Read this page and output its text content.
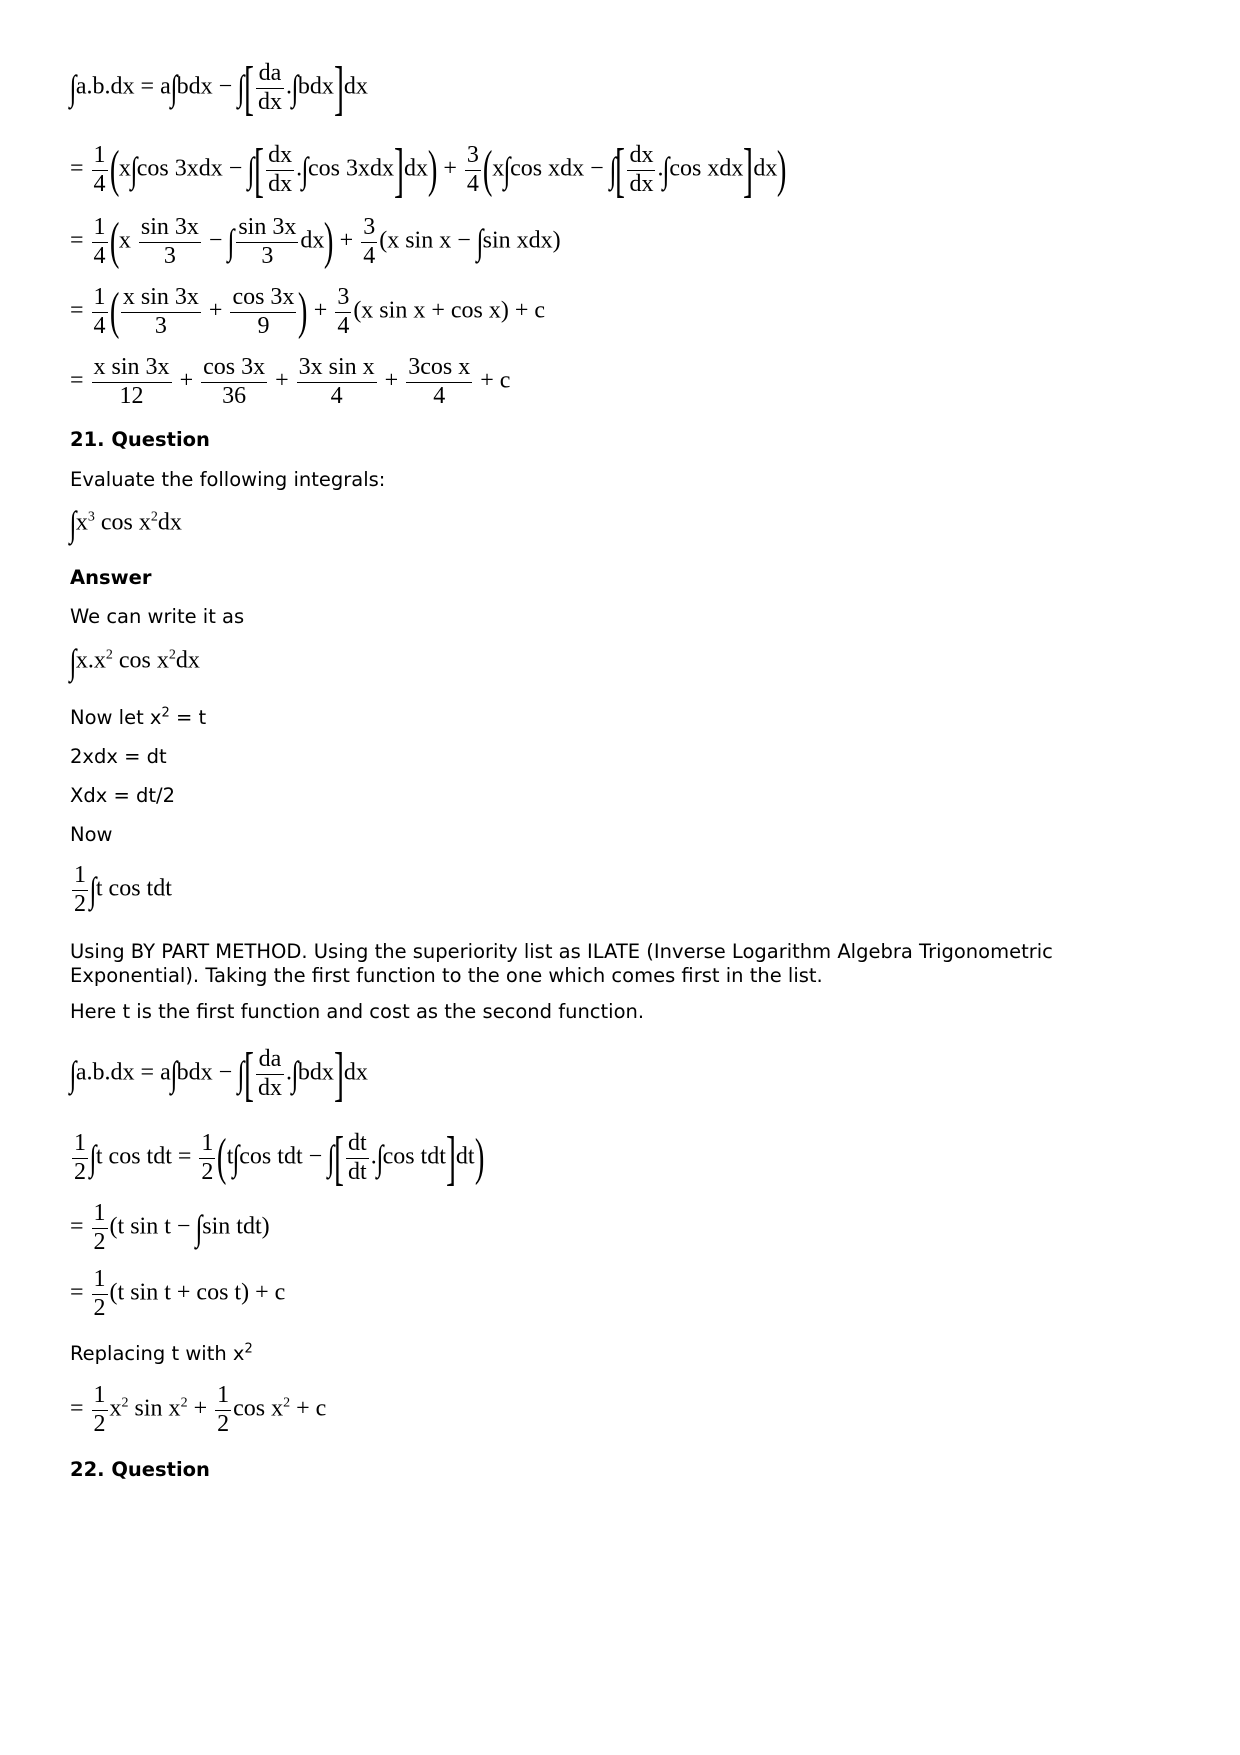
∫a.b.dx = a∫bdx − ∫[ $\frac{da}{dx} .\int bdx]dx$
= $\frac{1}{4} (x\int\cos$ 3xdx − ∫[ $\frac{dx}{dx} .\int\cos$ $3xdx]dx) + \frac{3}{4} (x\int\cos$ xdx − ∫[ $\frac{dx}{dx} .\int\cos$ xdx]dx)
= $\frac{1}{4} (x \frac{\sin 3x}{3}$ − ∫ $\frac{\sin 3x}{3} dx) + \frac{3}{4} (x$ sin x − ∫sin xdx)
= $\frac{1}{4}$ ( $\frac{\text{x sin 3x}}{3} + \frac{\cos 3x}{9}$ ) + $\frac{3}{4} (x$ sin x + cos x) + c
= $\frac{\text{x sin 3x}}{12} + \frac{\cos 3x}{36} + \frac{\text{3x sin x}}{4} + \frac{\text{3cos x}}{4} + c$
21. Question
Evaluate the following integrals:
$\int x^3$ $\cos x^2dx$
Answer
We can write it as
$\int x.x^2$ $\cos x^2dx$
Now let $x^2 = t$
2xdx = dt
Xdx = dt/2
Now
$\frac{1}{2} \int t$ cos tdt
Using BY PART METHOD. Using the superiority list as ILATE (Inverse Logarithm Algebra Trigonometric Exponential). Taking the first function to the one which comes first in the list.
Here t is the first function and cost as the second function.
∫a.b.dx = a∫bdx − ∫[ $\frac{da}{dx} .\int bdx]dx$
$\frac{1}{2} \int t$ cos tdt = $\frac{1}{2} (t\int\cos$ tdt − ∫[ $\frac{dt}{dt} .\int\cos$ tdt]dt)
= $\frac{1}{2} (t$ sin t − ∫sin tdt)
= $\frac{1}{2} (t$ sin t + cos t) + c
Replacing t with $x^2$
= $\frac{1}{2} x^2$ $\sin x^2 + \frac{1}{2}$ $\cos x^2 + c$
22. Question
